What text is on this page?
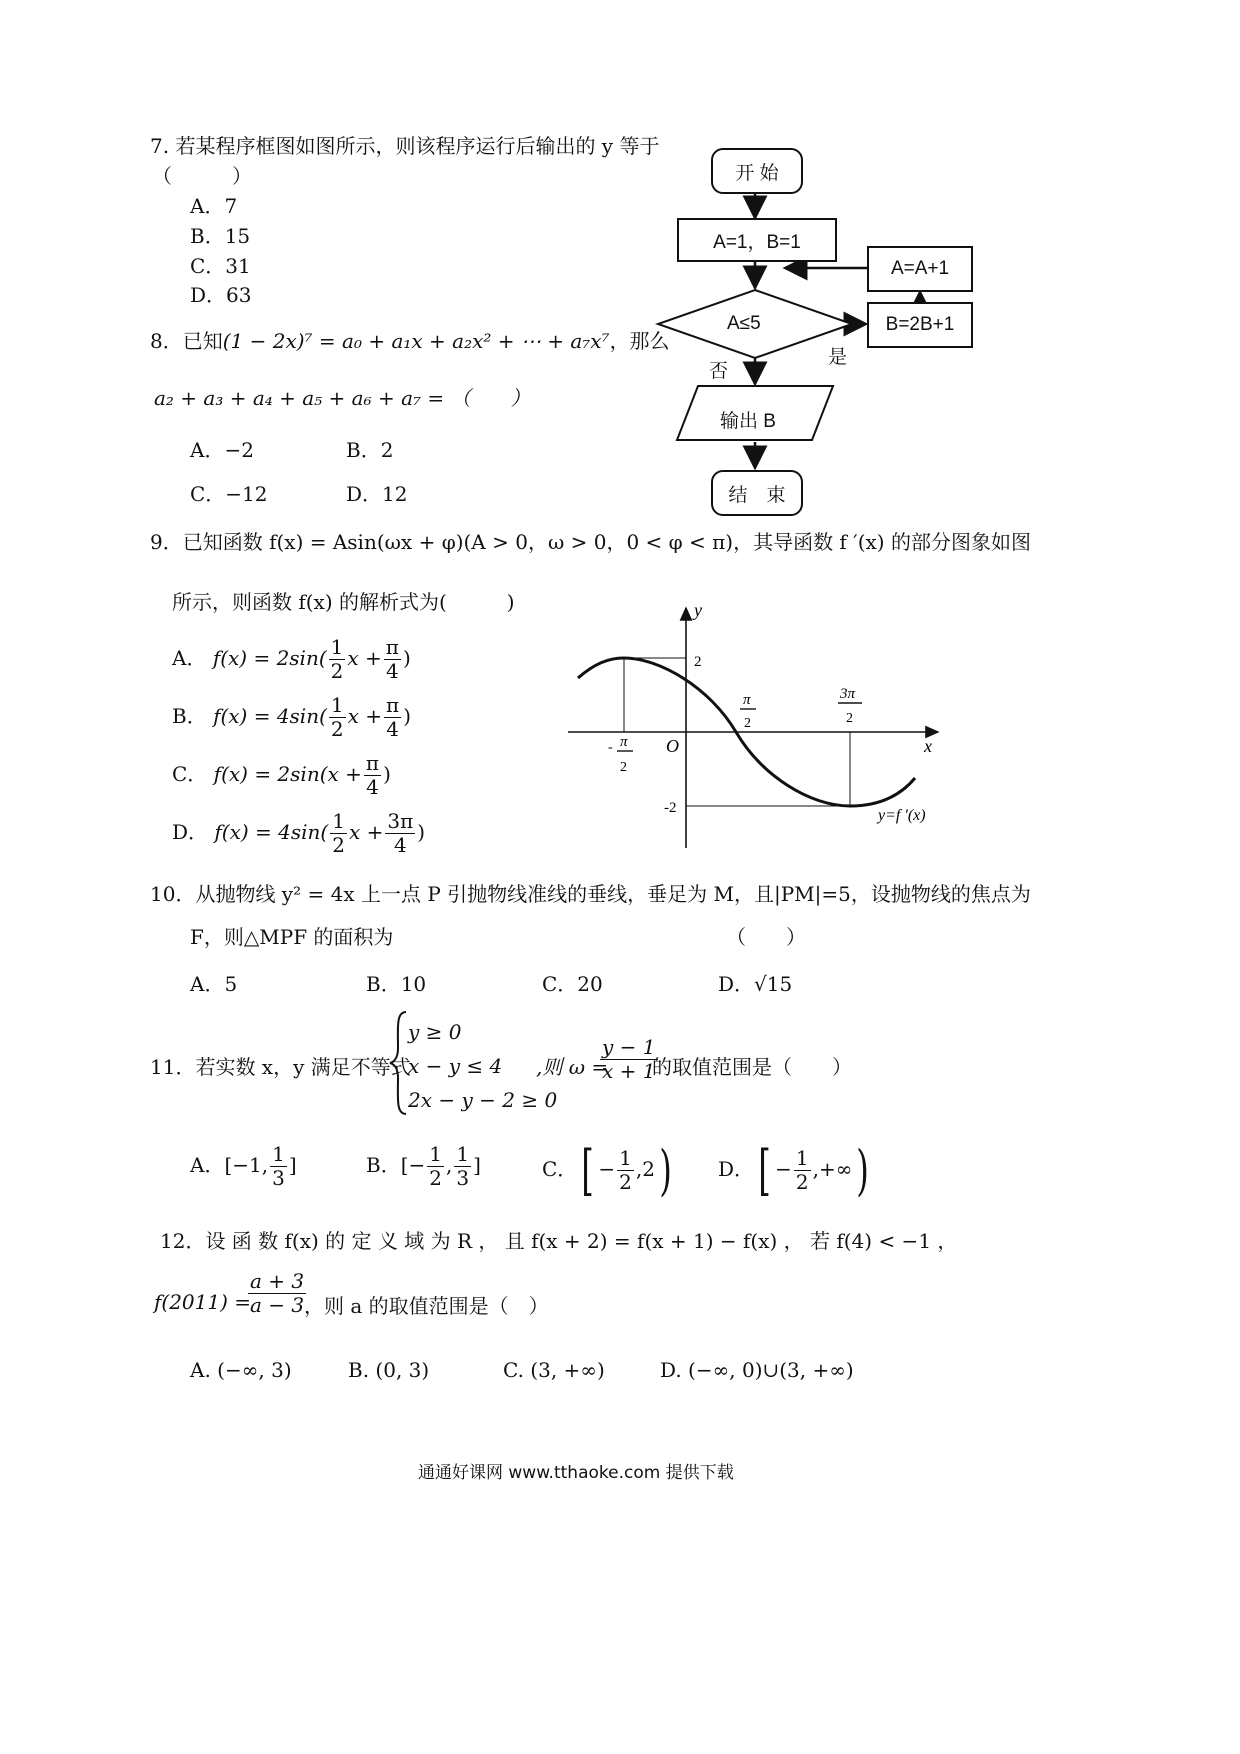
7. 若某程序框图如图所示，则该程序运行后输出的 y 等于
（　　　）
A．7
B．15
C．31
D．63
开 始
A=1，B=1
A=A+1
B=2B+1
A≤5
否
是
输出 B
结　束
8．已知(1 − 2x)⁷ = a₀ + a₁x + a₂x² + ⋯ + a₇x⁷，那么
a₂ + a₃ + a₄ + a₅ + a₆ + a₇ = （　　）
A．−2	B．2
C．−12	D．12
9．已知函数 f(x) = Asin(ωx + φ)(A > 0，ω > 0，0 < φ < π)，其导函数 f ′(x) 的部分图象如图
所示，则函数 f(x) 的解析式为(　　　)
A． $f(x) = 2\sin( \frac{1}{2}$ $x + \frac{\pi}{4}$ )
B． $f(x) = 4\sin( \frac{1}{2}$ $x + \frac{\pi}{4}$ )
C． $f(x) = 2\sin(x + \frac{\pi}{4}$ )
D． $f(x) = 4\sin( \frac{1}{2}$ $x + \frac{3\pi}{4}$ )
y
x
O
2
-2
- π
2
π
2
3π
2
y=f ′(x)
10．从抛物线 y² = 4x 上一点 P 引抛物线准线的垂线，垂足为 M，且|PM|=5，设抛物线的焦点为
F，则△MPF 的面积为	（　　）
A．5	B．10	C．20	D．√15
11．若实数 x，y 满足不等式
y ≥ 0
x − y ≤ 4
2x − y − 2 ≥ 0
,则 ω =
$\frac{y - 1}{x + 1}$
的取值范围是（　　）
A．[−1, $\frac{1}{3}$ ]	B．[− $\frac{1}{2}$ , $\frac{1}{3}$ ]	C．[ − $\frac{1}{2} ,2$) D．[ − $\frac{1}{2}$ ,+∞)
12．设 函 数 f(x) 的 定 义 域 为 R ， 且 f(x + 2) = f(x + 1) − f(x) ， 若 f(4) < −1 ，
f(2011) =
$\frac{a + 3}{a - 3}$
，则 a 的取值范围是（　）
A. (−∞, 3)	B. (0, 3)	C. (3, +∞)	D. (−∞, 0)∪(3, +∞)
通通好课网 www.tthaoke.com 提供下载
